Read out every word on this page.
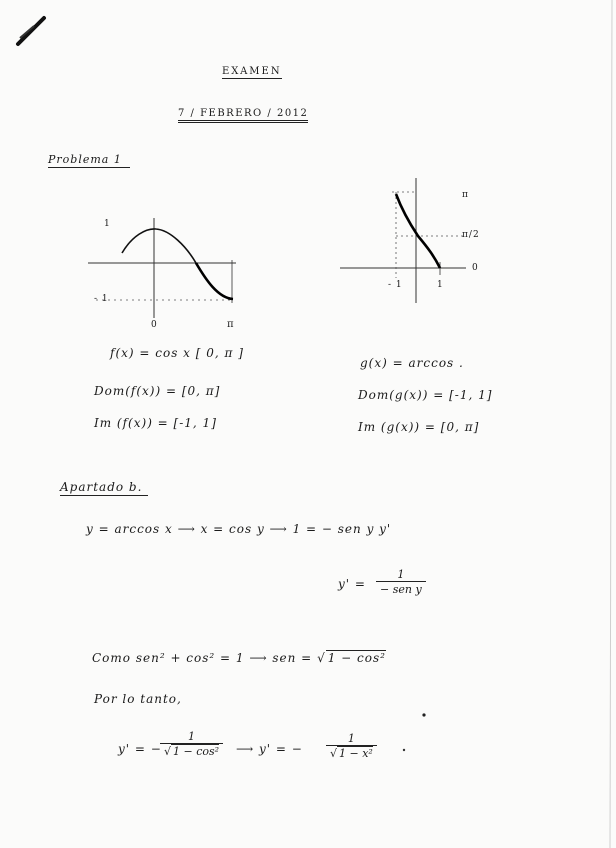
EXAMEN
7 / FEBRERO / 2012
Problema 1
- 1
0	π
1
π
π/2
0
- 1	1
f(x) = cos x [ 0, π ]
Dom(f(x)) = [0, π]
Im (f(x)) = [-1, 1]
g(x) = arccos .
Dom(g(x)) = [-1, 1]
Im (g(x)) = [0, π]
Apartado b.
y = arccos x ⟶ x = cos y ⟶ 1 = − sen y y'
y' =
1
− sen y
Como sen² + cos² = 1 ⟶ sen = √ 1 − cos²
Por lo tanto,
y' = −
$\frac{1}{\text{√ 1 − cos²}}$ ⟶ y' = − $\frac{1}{\text{√ 1 − x²}}$
